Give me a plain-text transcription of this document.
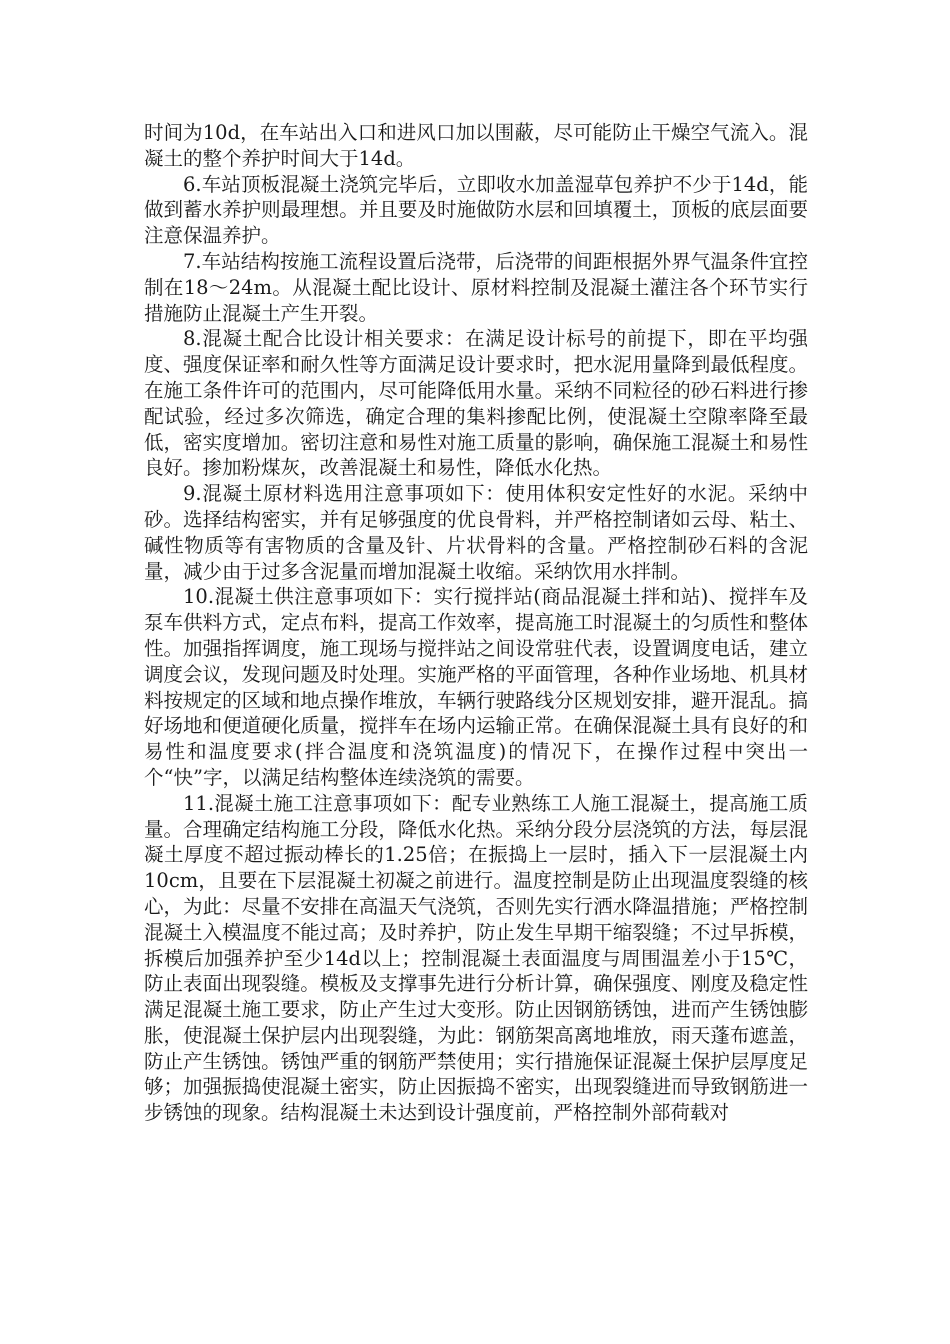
时间为10d，在车站出入口和进风口加以围蔽，尽可能防止干燥空气流入。混凝土的整个养护时间大于14d。

6.车站顶板混凝土浇筑完毕后，立即收水加盖湿草包养护不少于14d，能做到蓄水养护则最理想。并且要及时施做防水层和回填覆土，顶板的底层面要注意保温养护。

7.车站结构按施工流程设置后浇带，后浇带的间距根据外界气温条件宜控制在18～24m。从混凝土配比设计、原材料控制及混凝土灌注各个环节实行措施防止混凝土产生开裂。

8.混凝土配合比设计相关要求：在满足设计标号的前提下，即在平均强度、强度保证率和耐久性等方面满足设计要求时，把水泥用量降到最低程度。在施工条件许可的范围内，尽可能降低用水量。采纳不同粒径的砂石料进行掺配试验，经过多次筛选，确定合理的集料掺配比例，使混凝土空隙率降至最低，密实度增加。密切注意和易性对施工质量的影响，确保施工混凝土和易性良好。掺加粉煤灰，改善混凝土和易性，降低水化热。

9.混凝土原材料选用注意事项如下：使用体积安定性好的水泥。采纳中砂。选择结构密实，并有足够强度的优良骨料，并严格控制诸如云母、粘土、碱性物质等有害物质的含量及针、片状骨料的含量。严格控制砂石料的含泥量，减少由于过多含泥量而增加混凝土收缩。采纳饮用水拌制。

10.混凝土供注意事项如下：实行搅拌站(商品混凝土拌和站)、搅拌车及泵车供料方式，定点布料，提高工作效率，提高施工时混凝土的匀质性和整体性。加强指挥调度，施工现场与搅拌站之间设常驻代表，设置调度电话，建立调度会议，发现问题及时处理。实施严格的平面管理，各种作业场地、机具材料按规定的区域和地点操作堆放，车辆行驶路线分区规划安排，避开混乱。搞好场地和便道硬化质量，搅拌车在场内运输正常。在确保混凝土具有良好的和易性和温度要求(拌合温度和浇筑温度)的情况下，在操作过程中突出一个“快”字，以满足结构整体连续浇筑的需要。

11.混凝土施工注意事项如下：配专业熟练工人施工混凝土，提高施工质量。合理确定结构施工分段，降低水化热。采纳分段分层浇筑的方法，每层混凝土厚度不超过振动棒长的1.25倍；在振捣上一层时，插入下一层混凝土内10cm，且要在下层混凝土初凝之前进行。温度控制是防止出现温度裂缝的核心，为此：尽量不安排在高温天气浇筑，否则先实行洒水降温措施；严格控制混凝土入模温度不能过高；及时养护，防止发生早期干缩裂缝；不过早拆模，拆模后加强养护至少14d以上；控制混凝土表面温度与周围温差小于15℃，防止表面出现裂缝。模板及支撑事先进行分析计算，确保强度、刚度及稳定性满足混凝土施工要求，防止产生过大变形。防止因钢筋锈蚀，进而产生锈蚀膨胀，使混凝土保护层内出现裂缝，为此：钢筋架高离地堆放，雨天蓬布遮盖，防止产生锈蚀。锈蚀严重的钢筋严禁使用；实行措施保证混凝土保护层厚度足够；加强振捣使混凝土密实，防止因振捣不密实，出现裂缝进而导致钢筋进一步锈蚀的现象。结构混凝土未达到设计强度前，严格控制外部荷载对
